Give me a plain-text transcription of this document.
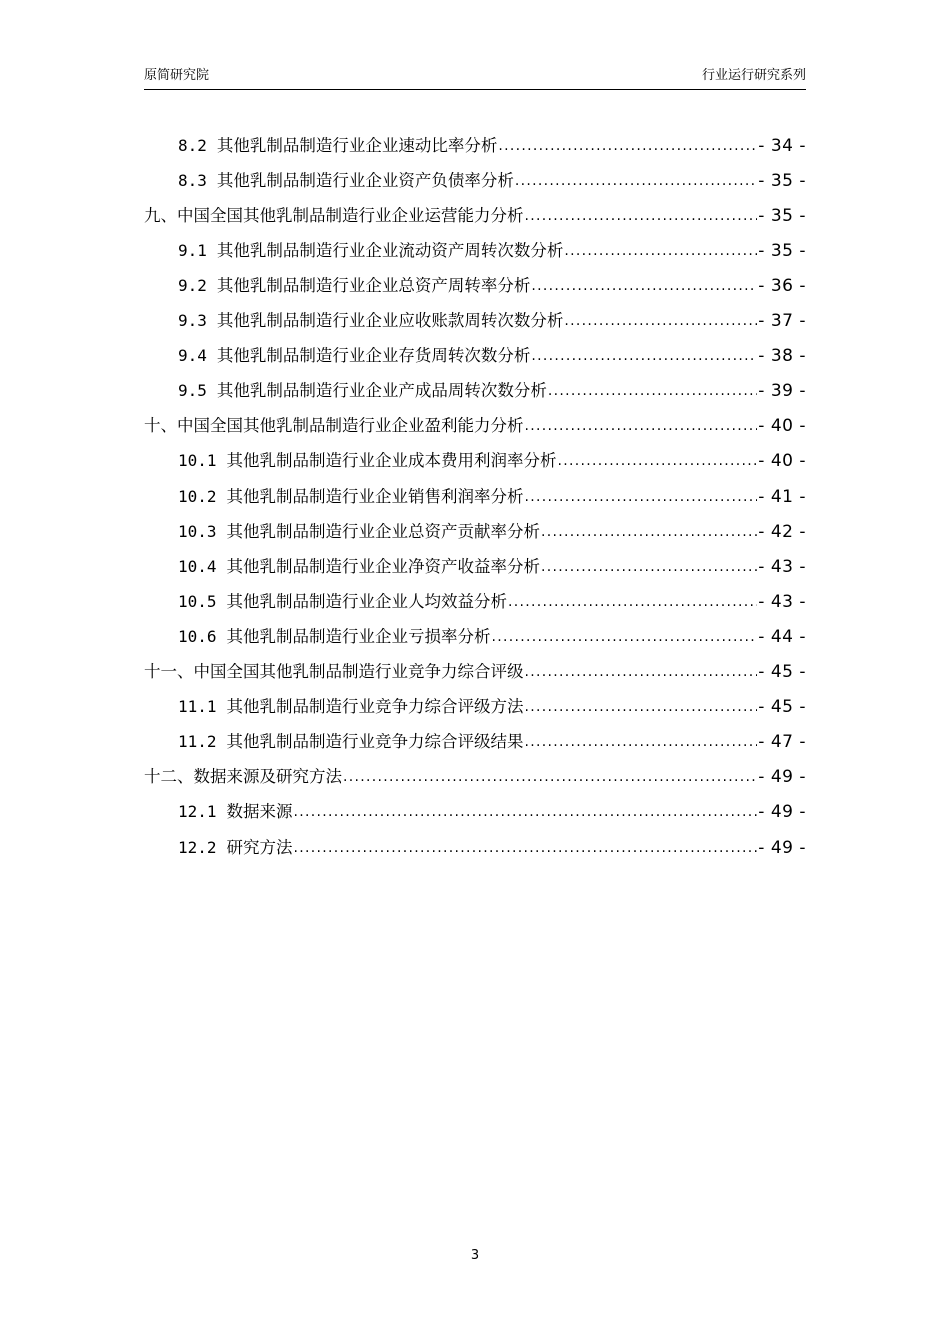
原简研究院	行业运行研究系列
8.2 其他乳制品制造行业企业速动比率分析 .....	- 34 -
8.3 其他乳制品制造行业企业资产负债率分析 .....	- 35 -
九、中国全国其他乳制品制造行业企业运营能力分析 .....	- 35 -
9.1 其他乳制品制造行业企业流动资产周转次数分析 .....	- 35 -
9.2 其他乳制品制造行业企业总资产周转率分析 .....	- 36 -
9.3 其他乳制品制造行业企业应收账款周转次数分析 .....	- 37 -
9.4 其他乳制品制造行业企业存货周转次数分析 .....	- 38 -
9.5 其他乳制品制造行业企业产成品周转次数分析 .....	- 39 -
十、中国全国其他乳制品制造行业企业盈利能力分析 .....	- 40 -
10.1 其他乳制品制造行业企业成本费用利润率分析 .....	- 40 -
10.2 其他乳制品制造行业企业销售利润率分析 .....	- 41 -
10.3 其他乳制品制造行业企业总资产贡献率分析 .....	- 42 -
10.4 其他乳制品制造行业企业净资产收益率分析 .....	- 43 -
10.5 其他乳制品制造行业企业人均效益分析 .....	- 43 -
10.6 其他乳制品制造行业企业亏损率分析 .....	- 44 -
十一、中国全国其他乳制品制造行业竞争力综合评级 .....	- 45 -
11.1 其他乳制品制造行业竞争力综合评级方法 .....	- 45 -
11.2 其他乳制品制造行业竞争力综合评级结果 .....	- 47 -
十二、数据来源及研究方法 .....	- 49 -
12.1 数据来源 .....	- 49 -
12.2 研究方法 .....	- 49 -
3
